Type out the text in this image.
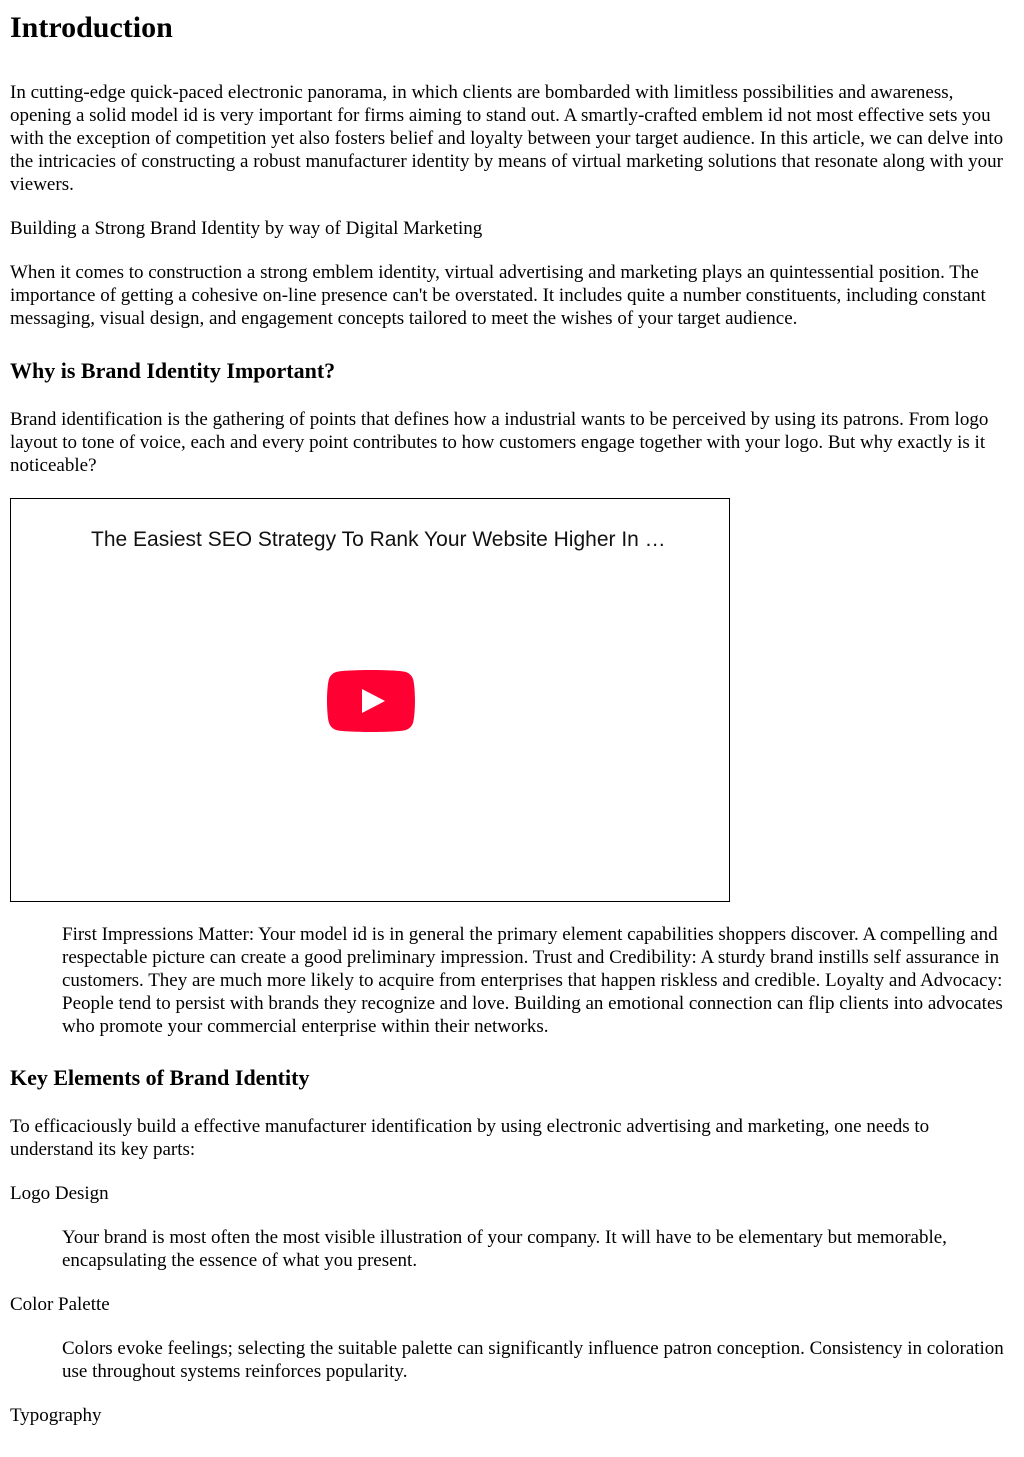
Introduction

In cutting-edge quick-paced electronic panorama, in which clients are bombarded with limitless possibilities and awareness, opening a solid model id is very important for firms aiming to stand out. A smartly-crafted emblem id not most effective sets you with the exception of competition yet also fosters belief and loyalty between your target audience. In this article, we can delve into the intricacies of constructing a robust manufacturer identity by means of virtual marketing solutions that resonate along with your viewers.

Building a Strong Brand Identity by way of Digital Marketing

When it comes to construction a strong emblem identity, virtual advertising and marketing plays an quintessential position. The importance of getting a cohesive on-line presence can't be overstated. It includes quite a number constituents, including constant messaging, visual design, and engagement concepts tailored to meet the wishes of your target audience.

Why is Brand Identity Important?

Brand identification is the gathering of points that defines how a industrial wants to be perceived by using its patrons. From logo layout to tone of voice, each and every point contributes to how customers engage together with your logo. But why exactly is it noticeable?

The Easiest SEO Strategy To Rank Your Website Higher In …
First Impressions Matter: Your model id is in general the primary element capabilities shoppers discover. A compelling and respectable picture can create a good preliminary impression. Trust and Credibility: A sturdy brand instills self assurance in customers. They are much more likely to acquire from enterprises that happen riskless and credible. Loyalty and Advocacy: People tend to persist with brands they recognize and love. Building an emotional connection can flip clients into advocates who promote your commercial enterprise within their networks.
Key Elements of Brand Identity

To efficaciously build a effective manufacturer identification by using electronic advertising and marketing, one needs to understand its key parts:

Logo Design

Your brand is most often the most visible illustration of your company. It will have to be elementary but memorable, encapsulating the essence of what you present.

Color Palette

Colors evoke feelings; selecting the suitable palette can significantly influence patron conception. Consistency in coloration use throughout systems reinforces popularity.

Typography
